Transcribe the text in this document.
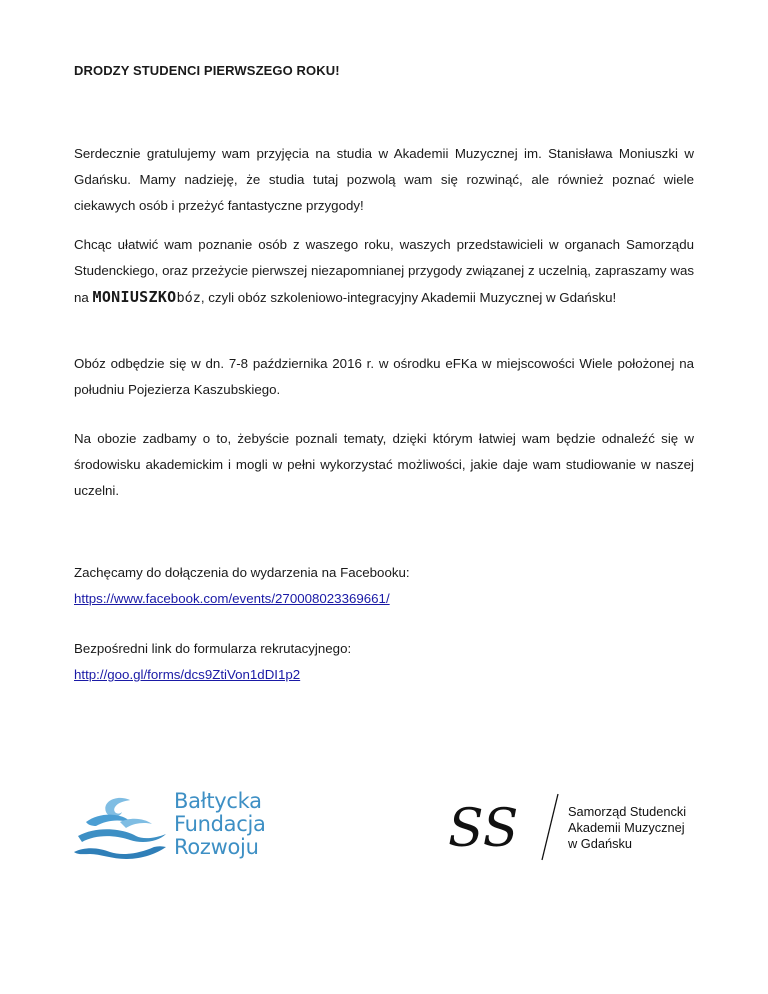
DRODZY STUDENCI PIERWSZEGO ROKU!
Serdecznie gratulujemy wam przyjęcia na studia w Akademii Muzycznej im. Stanisława Moniuszki w Gdańsku. Mamy nadzieję, że studia tutaj pozwolą wam się rozwinąć, ale również poznać wiele ciekawych osób i przeżyć fantastyczne przygody!
Chcąc ułatwić wam poznanie osób z waszego roku, waszych przedstawicieli w organach Samorządu Studenckiego, oraz przeżycie pierwszej niezapomnianej przygody związanej z uczelnią, zapraszamy was na MONIUSZKObóz, czyli obóz szkoleniowo-integracyjny Akademii Muzycznej w Gdańsku!
Obóz odbędzie się w dn. 7-8 października 2016 r. w ośrodku eFKa w miejscowości Wiele położonej na południu Pojezierza Kaszubskiego.
Na obozie zadbamy o to, żebyście poznali tematy, dzięki którym łatwiej wam będzie odnaleźć się w środowisku akademickim i mogli w pełni wykorzystać możliwości, jakie daje wam studiowanie w naszej uczelni.
Zachęcamy do dołączenia do wydarzenia na Facebooku:
https://www.facebook.com/events/270008023369661/
Bezpośredni link do formularza rekrutacyjnego:
http://goo.gl/forms/dcs9ZtiVon1dDI1p2
Bałtycka
Fundacja
Rozwoju	SS	Samorząd Studencki
Akademii Muzycznej
w Gdańsku
